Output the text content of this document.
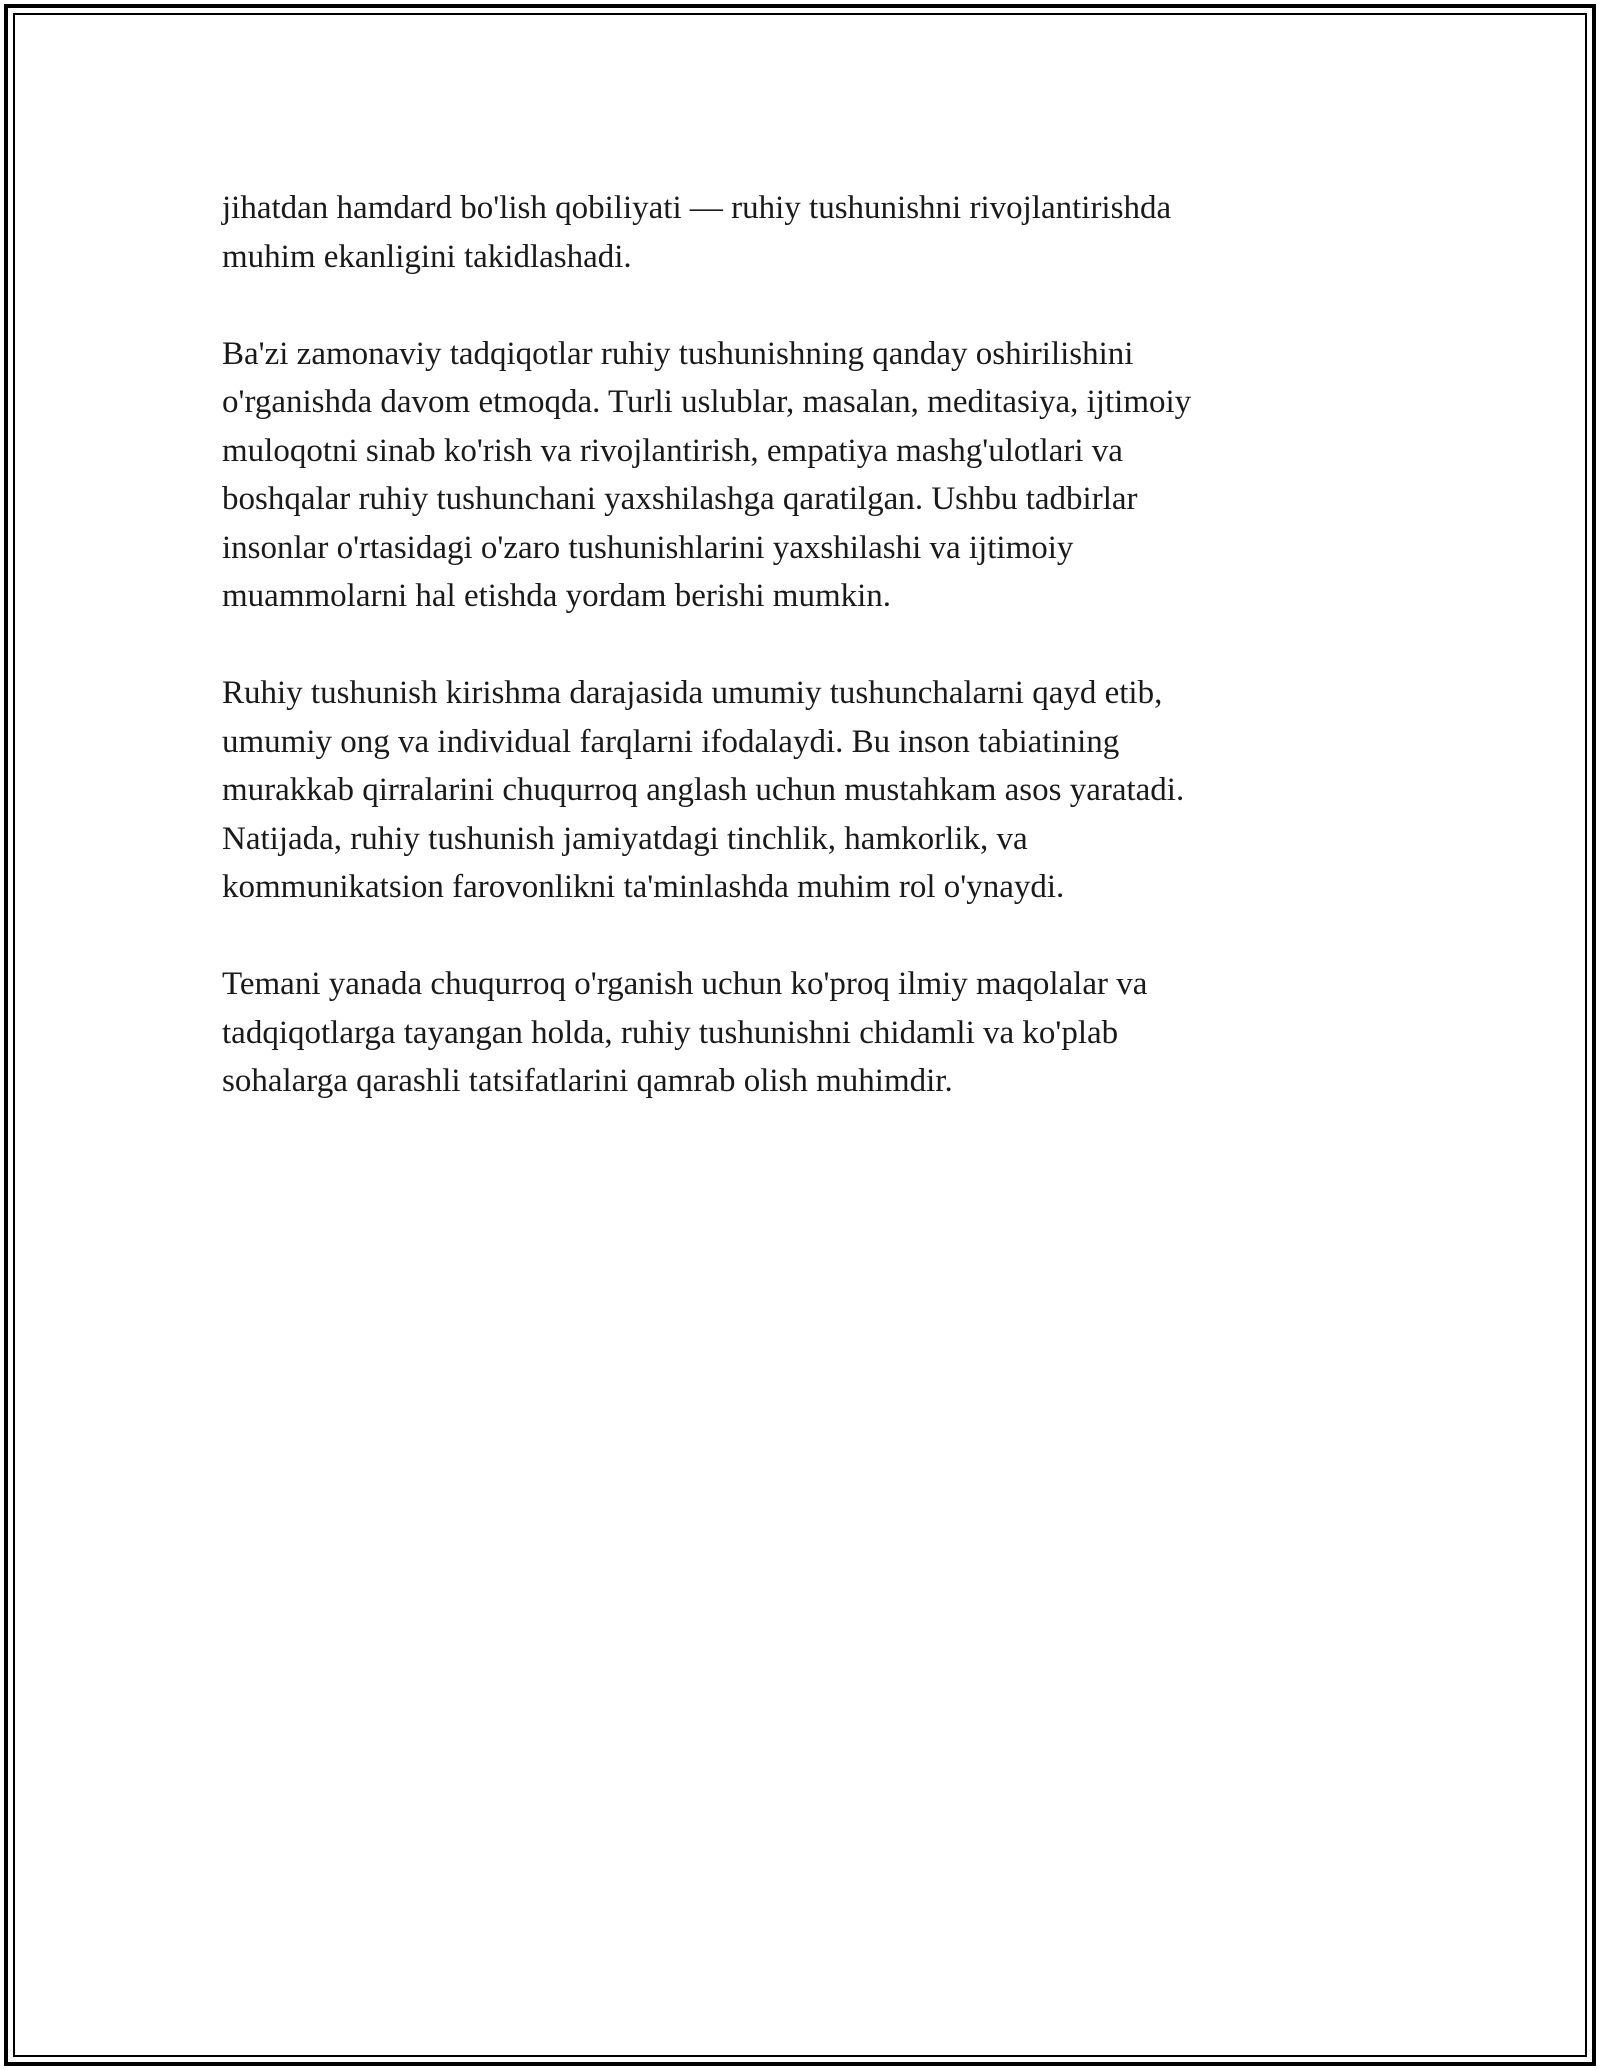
jihatdan hamdard bo'lish qobiliyati — ruhiy tushunishni rivojlantirishda
muhim ekanligini takidlashadi.

Ba'zi zamonaviy tadqiqotlar ruhiy tushunishning qanday oshirilishini
o'rganishda davom etmoqda. Turli uslublar, masalan, meditasiya, ijtimoiy
muloqotni sinab ko'rish va rivojlantirish, empatiya mashg'ulotlari va
boshqalar ruhiy tushunchani yaxshilashga qaratilgan. Ushbu tadbirlar
insonlar o'rtasidagi o'zaro tushunishlarini yaxshilashi va ijtimoiy
muammolarni hal etishda yordam berishi mumkin.

Ruhiy tushunish kirishma darajasida umumiy tushunchalarni qayd etib,
umumiy ong va individual farqlarni ifodalaydi. Bu inson tabiatining
murakkab qirralarini chuqurroq anglash uchun mustahkam asos yaratadi.
Natijada, ruhiy tushunish jamiyatdagi tinchlik, hamkorlik, va
kommunikatsion farovonlikni ta'minlashda muhim rol o'ynaydi.

Temani yanada chuqurroq o'rganish uchun ko'proq ilmiy maqolalar va
tadqiqotlarga tayangan holda, ruhiy tushunishni chidamli va ko'plab
sohalarga qarashli tatsifatlarini qamrab olish muhimdir.
